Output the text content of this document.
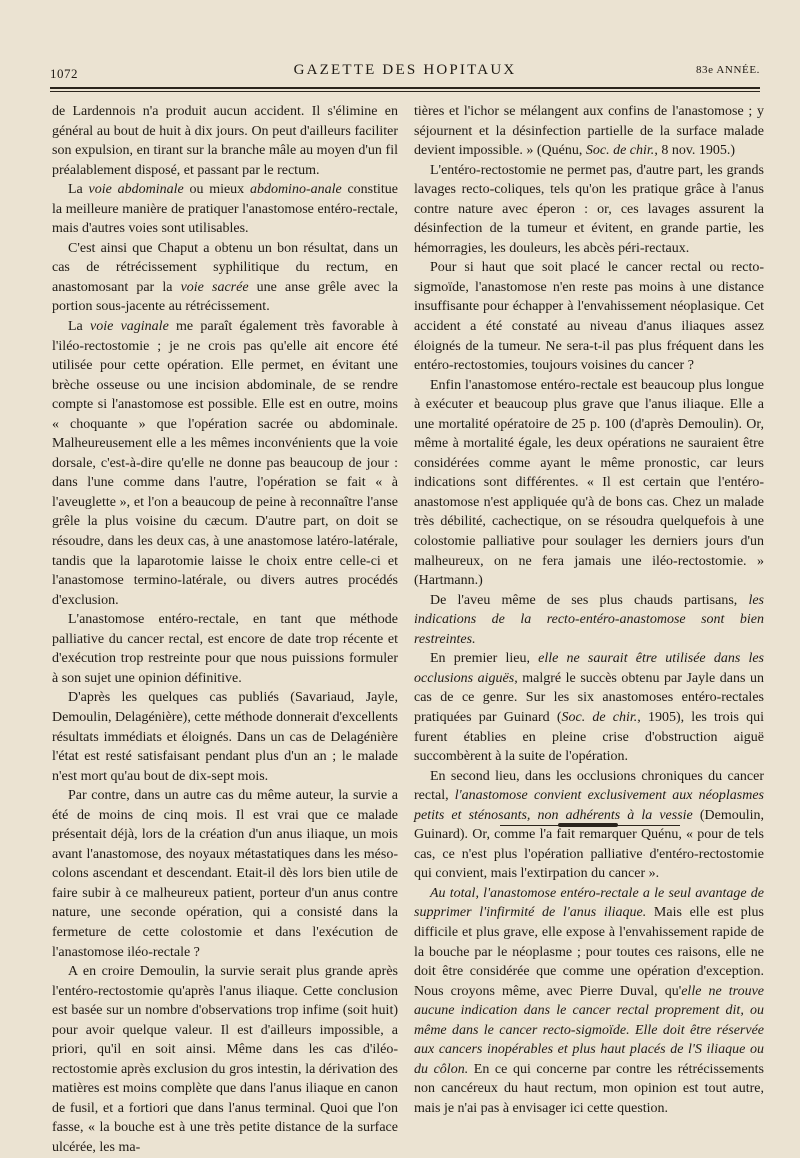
1072	GAZETTE DES HOPITAUX	83e ANNÉE.

de Lardennois n'a produit aucun accident. Il s'élimine en général au bout de huit à dix jours. On peut d'ailleurs faciliter son expulsion, en tirant sur la branche mâle au moyen d'un fil préalablement disposé, et passant par le rectum.

La voie abdominale ou mieux abdomino-anale constitue la meilleure manière de pratiquer l'anastomose entéro-rectale, mais d'autres voies sont utilisables.

C'est ainsi que Chaput a obtenu un bon résultat, dans un cas de rétrécissement syphilitique du rectum, en anastomosant par la voie sacrée une anse grêle avec la portion sous-jacente au rétrécissement.

La voie vaginale me paraît également très favorable à l'iléo-rectostomie ; je ne crois pas qu'elle ait encore été utilisée pour cette opération. Elle permet, en évitant une brèche osseuse ou une incision abdominale, de se rendre compte si l'anastomose est possible. Elle est en outre, moins « choquante » que l'opération sacrée ou abdominale. Malheureusement elle a les mêmes inconvénients que la voie dorsale, c'est-à-dire qu'elle ne donne pas beaucoup de jour : dans l'une comme dans l'autre, l'opération se fait « à l'aveuglette », et l'on a beaucoup de peine à reconnaître l'anse grêle la plus voisine du cæcum. D'autre part, on doit se résoudre, dans les deux cas, à une anastomose latéro-latérale, tandis que la laparotomie laisse le choix entre celle-ci et l'anastomose termino-latérale, ou divers autres procédés d'exclusion.

L'anastomose entéro-rectale, en tant que méthode palliative du cancer rectal, est encore de date trop récente et d'exécution trop restreinte pour que nous puissions formuler à son sujet une opinion définitive.

D'après les quelques cas publiés (Savariaud, Jayle, Demoulin, Delagénière), cette méthode donnerait d'excellents résultats immédiats et éloignés. Dans un cas de Delagénière l'état est resté satisfaisant pendant plus d'un an ; le malade n'est mort qu'au bout de dix-sept mois.

Par contre, dans un autre cas du même auteur, la survie a été de moins de cinq mois. Il est vrai que ce malade présentait déjà, lors de la création d'un anus iliaque, un mois avant l'anastomose, des noyaux métastatiques dans les méso-colons ascendant et descendant. Etait-il dès lors bien utile de faire subir à ce malheureux patient, porteur d'un anus contre nature, une seconde opération, qui a consisté dans la fermeture de cette colostomie et dans l'exécution de l'anastomose iléo-rectale ?

A en croire Demoulin, la survie serait plus grande après l'entéro-rectostomie qu'après l'anus iliaque. Cette conclusion est basée sur un nombre d'observations trop infime (soit huit) pour avoir quelque valeur. Il est d'ailleurs impossible, a priori, qu'il en soit ainsi. Même dans les cas d'iléo-rectostomie après exclusion du gros intestin, la dérivation des matières est moins complète que dans l'anus iliaque en canon de fusil, et a fortiori que dans l'anus terminal. Quoi que l'on fasse, « la bouche est à une très petite distance de la surface ulcérée, les ma-

tières et l'ichor se mélangent aux confins de l'anastomose ; y séjournent et la désinfection partielle de la surface malade devient impossible. » (Quénu, Soc. de chir., 8 nov. 1905.)

L'entéro-rectostomie ne permet pas, d'autre part, les grands lavages recto-coliques, tels qu'on les pratique grâce à l'anus contre nature avec éperon : or, ces lavages assurent la désinfection de la tumeur et évitent, en grande partie, les hémorragies, les douleurs, les abcès péri-rectaux.

Pour si haut que soit placé le cancer rectal ou recto-sigmoïde, l'anastomose n'en reste pas moins à une distance insuffisante pour échapper à l'envahissement néoplasique. Cet accident a été constaté au niveau d'anus iliaques assez éloignés de la tumeur. Ne sera-t-il pas plus fréquent dans les entéro-rectostomies, toujours voisines du cancer ?

Enfin l'anastomose entéro-rectale est beaucoup plus longue à exécuter et beaucoup plus grave que l'anus iliaque. Elle a une mortalité opératoire de 25 p. 100 (d'après Demoulin). Or, même à mortalité égale, les deux opérations ne sauraient être considérées comme ayant le même pronostic, car leurs indications sont différentes. « Il est certain que l'entéro-anastomose n'est appliquée qu'à de bons cas. Chez un malade très débilité, cachectique, on se résoudra quelquefois à une colostomie palliative pour soulager les derniers jours d'un malheureux, on ne fera jamais une iléo-rectostomie. » (Hartmann.)

De l'aveu même de ses plus chauds partisans, les indications de la recto-entéro-anastomose sont bien restreintes.

En premier lieu, elle ne saurait être utilisée dans les occlusions aiguës, malgré le succès obtenu par Jayle dans un cas de ce genre. Sur les six anastomoses entéro-rectales pratiquées par Guinard (Soc. de chir., 1905), les trois qui furent établies en pleine crise d'obstruction aiguë succombèrent à la suite de l'opération.

En second lieu, dans les occlusions chroniques du cancer rectal, l'anastomose convient exclusivement aux néoplasmes petits et sténosants, non adhérents à la vessie (Demoulin, Guinard). Or, comme l'a fait remarquer Quénu, « pour de tels cas, ce n'est plus l'opération palliative d'entéro-rectostomie qui convient, mais l'extirpation du cancer ».

Au total, l'anastomose entéro-rectale a le seul avantage de supprimer l'infirmité de l'anus iliaque. Mais elle est plus difficile et plus grave, elle expose à l'envahissement rapide de la bouche par le néoplasme ; pour toutes ces raisons, elle ne doit être considérée que comme une opération d'exception. Nous croyons même, avec Pierre Duval, qu'elle ne trouve aucune indication dans le cancer rectal proprement dit, ou même dans le cancer recto-sigmoïde. Elle doit être réservée aux cancers inopérables et plus haut placés de l'S iliaque ou du côlon. En ce qui concerne par contre les rétrécissements non cancéreux du haut rectum, mon opinion est tout autre, mais je n'ai pas à envisager ici cette question.
